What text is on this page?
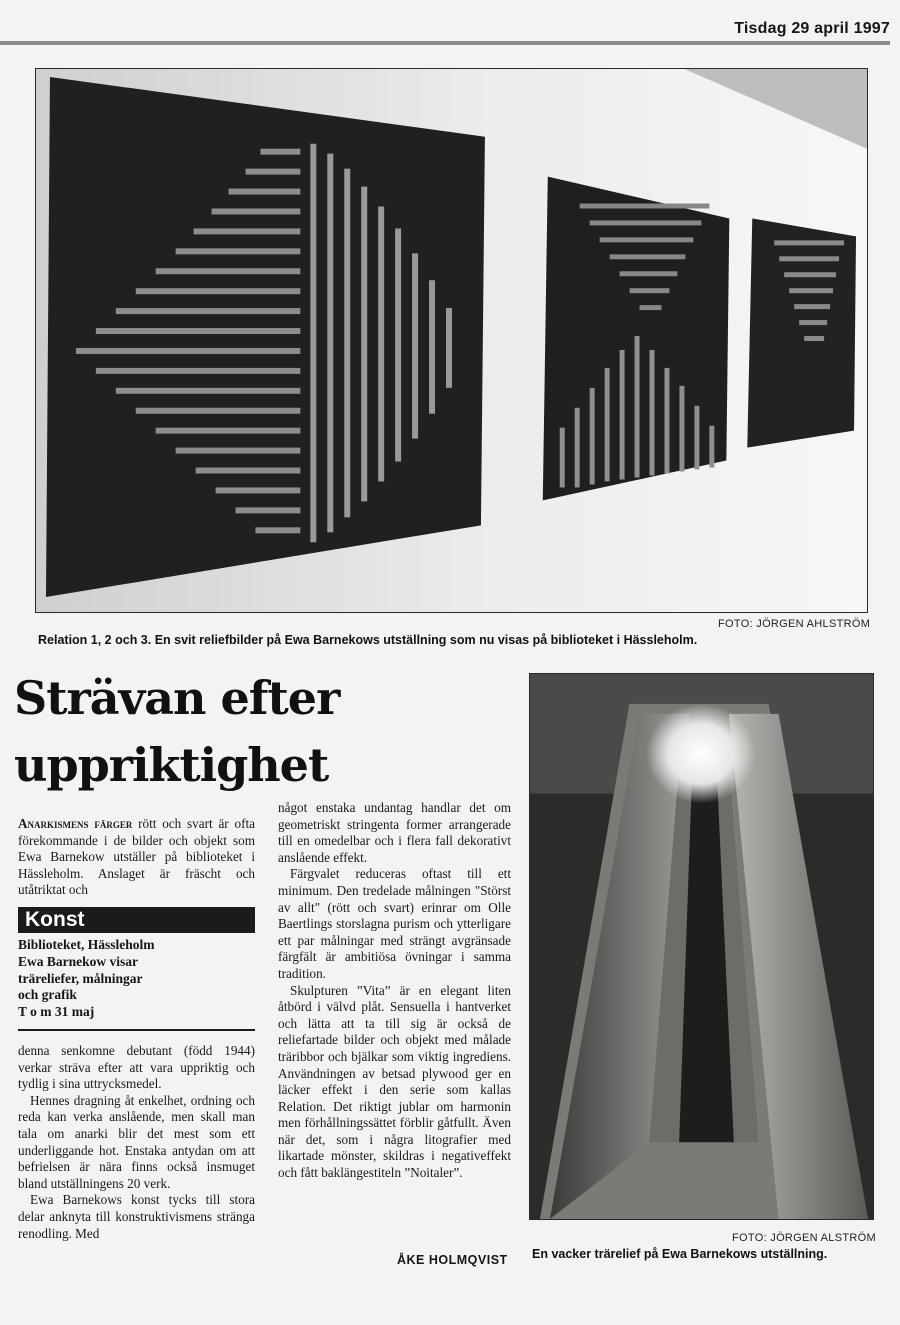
Tisdag 29 april 1997
FOTO: JÖRGEN AHLSTRÖM
Relation 1, 2 och 3. En svit reliefbilder på Ewa Barnekows utställning som nu visas på biblioteket i Hässleholm.
Strävan efter
uppriktighet

Anarkismens färger rött och svart är ofta förekommande i de bilder och objekt som Ewa Barnekow utställer på biblioteket i Hässleholm. Anslaget är fräscht och utåtriktat och

Konst
Biblioteket, Hässleholm
Ewa Barnekow visar
träreliefer, målningar
och grafik
T o m 31 maj

denna senkomne debutant (född 1944) verkar sträva efter att vara uppriktig och tydlig i sina uttrycksmedel.

Hennes dragning åt enkelhet, ordning och reda kan verka anslående, men skall man tala om anarki blir det mest som ett underliggande hot. Enstaka antydan om att befrielsen är nära finns också insmuget bland utställningens 20 verk.

Ewa Barnekows konst tycks till stora delar anknyta till konstruktivismens stränga renodling. Med

något enstaka undantag handlar det om geometriskt stringenta former arrangerade till en omedelbar och i flera fall dekorativt anslående effekt.

Färgvalet reduceras oftast till ett minimum. Den tredelade målningen "Störst av allt" (rött och svart) erinrar om Olle Baertlings storslagna purism och ytterligare ett par målningar med strängt avgränsade färgfält är ambitiösa övningar i samma tradition.

Skulpturen ”Vita” är en elegant liten åtbörd i välvd plåt. Sensuella i hantverket och lätta att ta till sig är också de reliefartade bilder och objekt med målade träribbor och bjälkar som viktig ingrediens. Användningen av betsad plywood ger en läcker effekt i den serie som kallas Relation. Det riktigt jublar om harmonin men förhållningssättet förblir gåtfullt. Även när det, som i några litografier med likartade mönster, skildras i negativeffekt och fått baklängestiteln ”Noitaler”.

ÅKE HOLMQVIST
FOTO: JÖRGEN ALSTRÖM
En vacker trärelief på Ewa Barnekows utställning.
